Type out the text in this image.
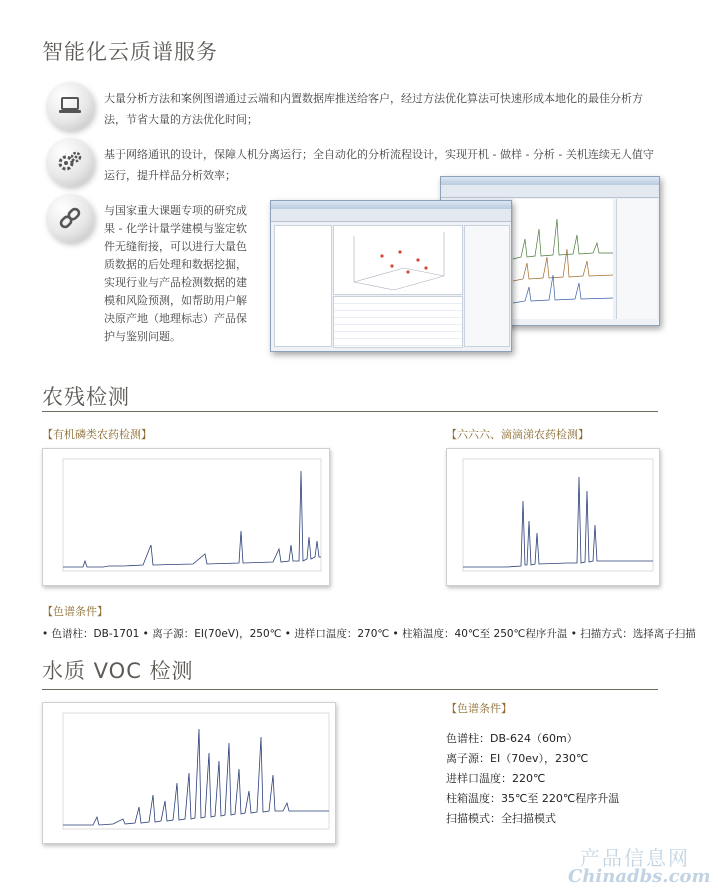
智能化云质谱服务
大量分析方法和案例图谱通过云端和内置数据库推送给客户，经过方法优化算法可快速形成本地化的最佳分析方法，节省大量的方法优化时间；
基于网络通讯的设计，保障人机分离运行；全自动化的分析流程设计，实现开机 - 做样 - 分析 - 关机连续无人值守运行，提升样品分析效率；
与国家重大课题专项的研究成
果 - 化学计量学建模与鉴定软
件无缝衔接，可以进行大量色
质数据的后处理和数据挖掘，
实现行业与产品检测数据的建
模和风险预测，如帮助用户解
决原产地（地理标志）产品保
护与鉴别问题。
农残检测
【有机磷类农药检测】	【六六六、滴滴涕农药检测】
【色谱条件】
• 色谱柱：DB-1701 • 离子源：EI(70eV)，250℃ • 进样口温度：270℃ • 柱箱温度：40℃至 250℃程序升温 • 扫描方式：选择离子扫描
水质 VOC 检测
【色谱条件】
色谱柱：DB-624（60m）
离子源：EI（70ev），230℃
进样口温度：220℃
柱箱温度：35℃至 220℃程序升温
扫描模式：全扫描模式
产品信息网
Chinadbs.com
